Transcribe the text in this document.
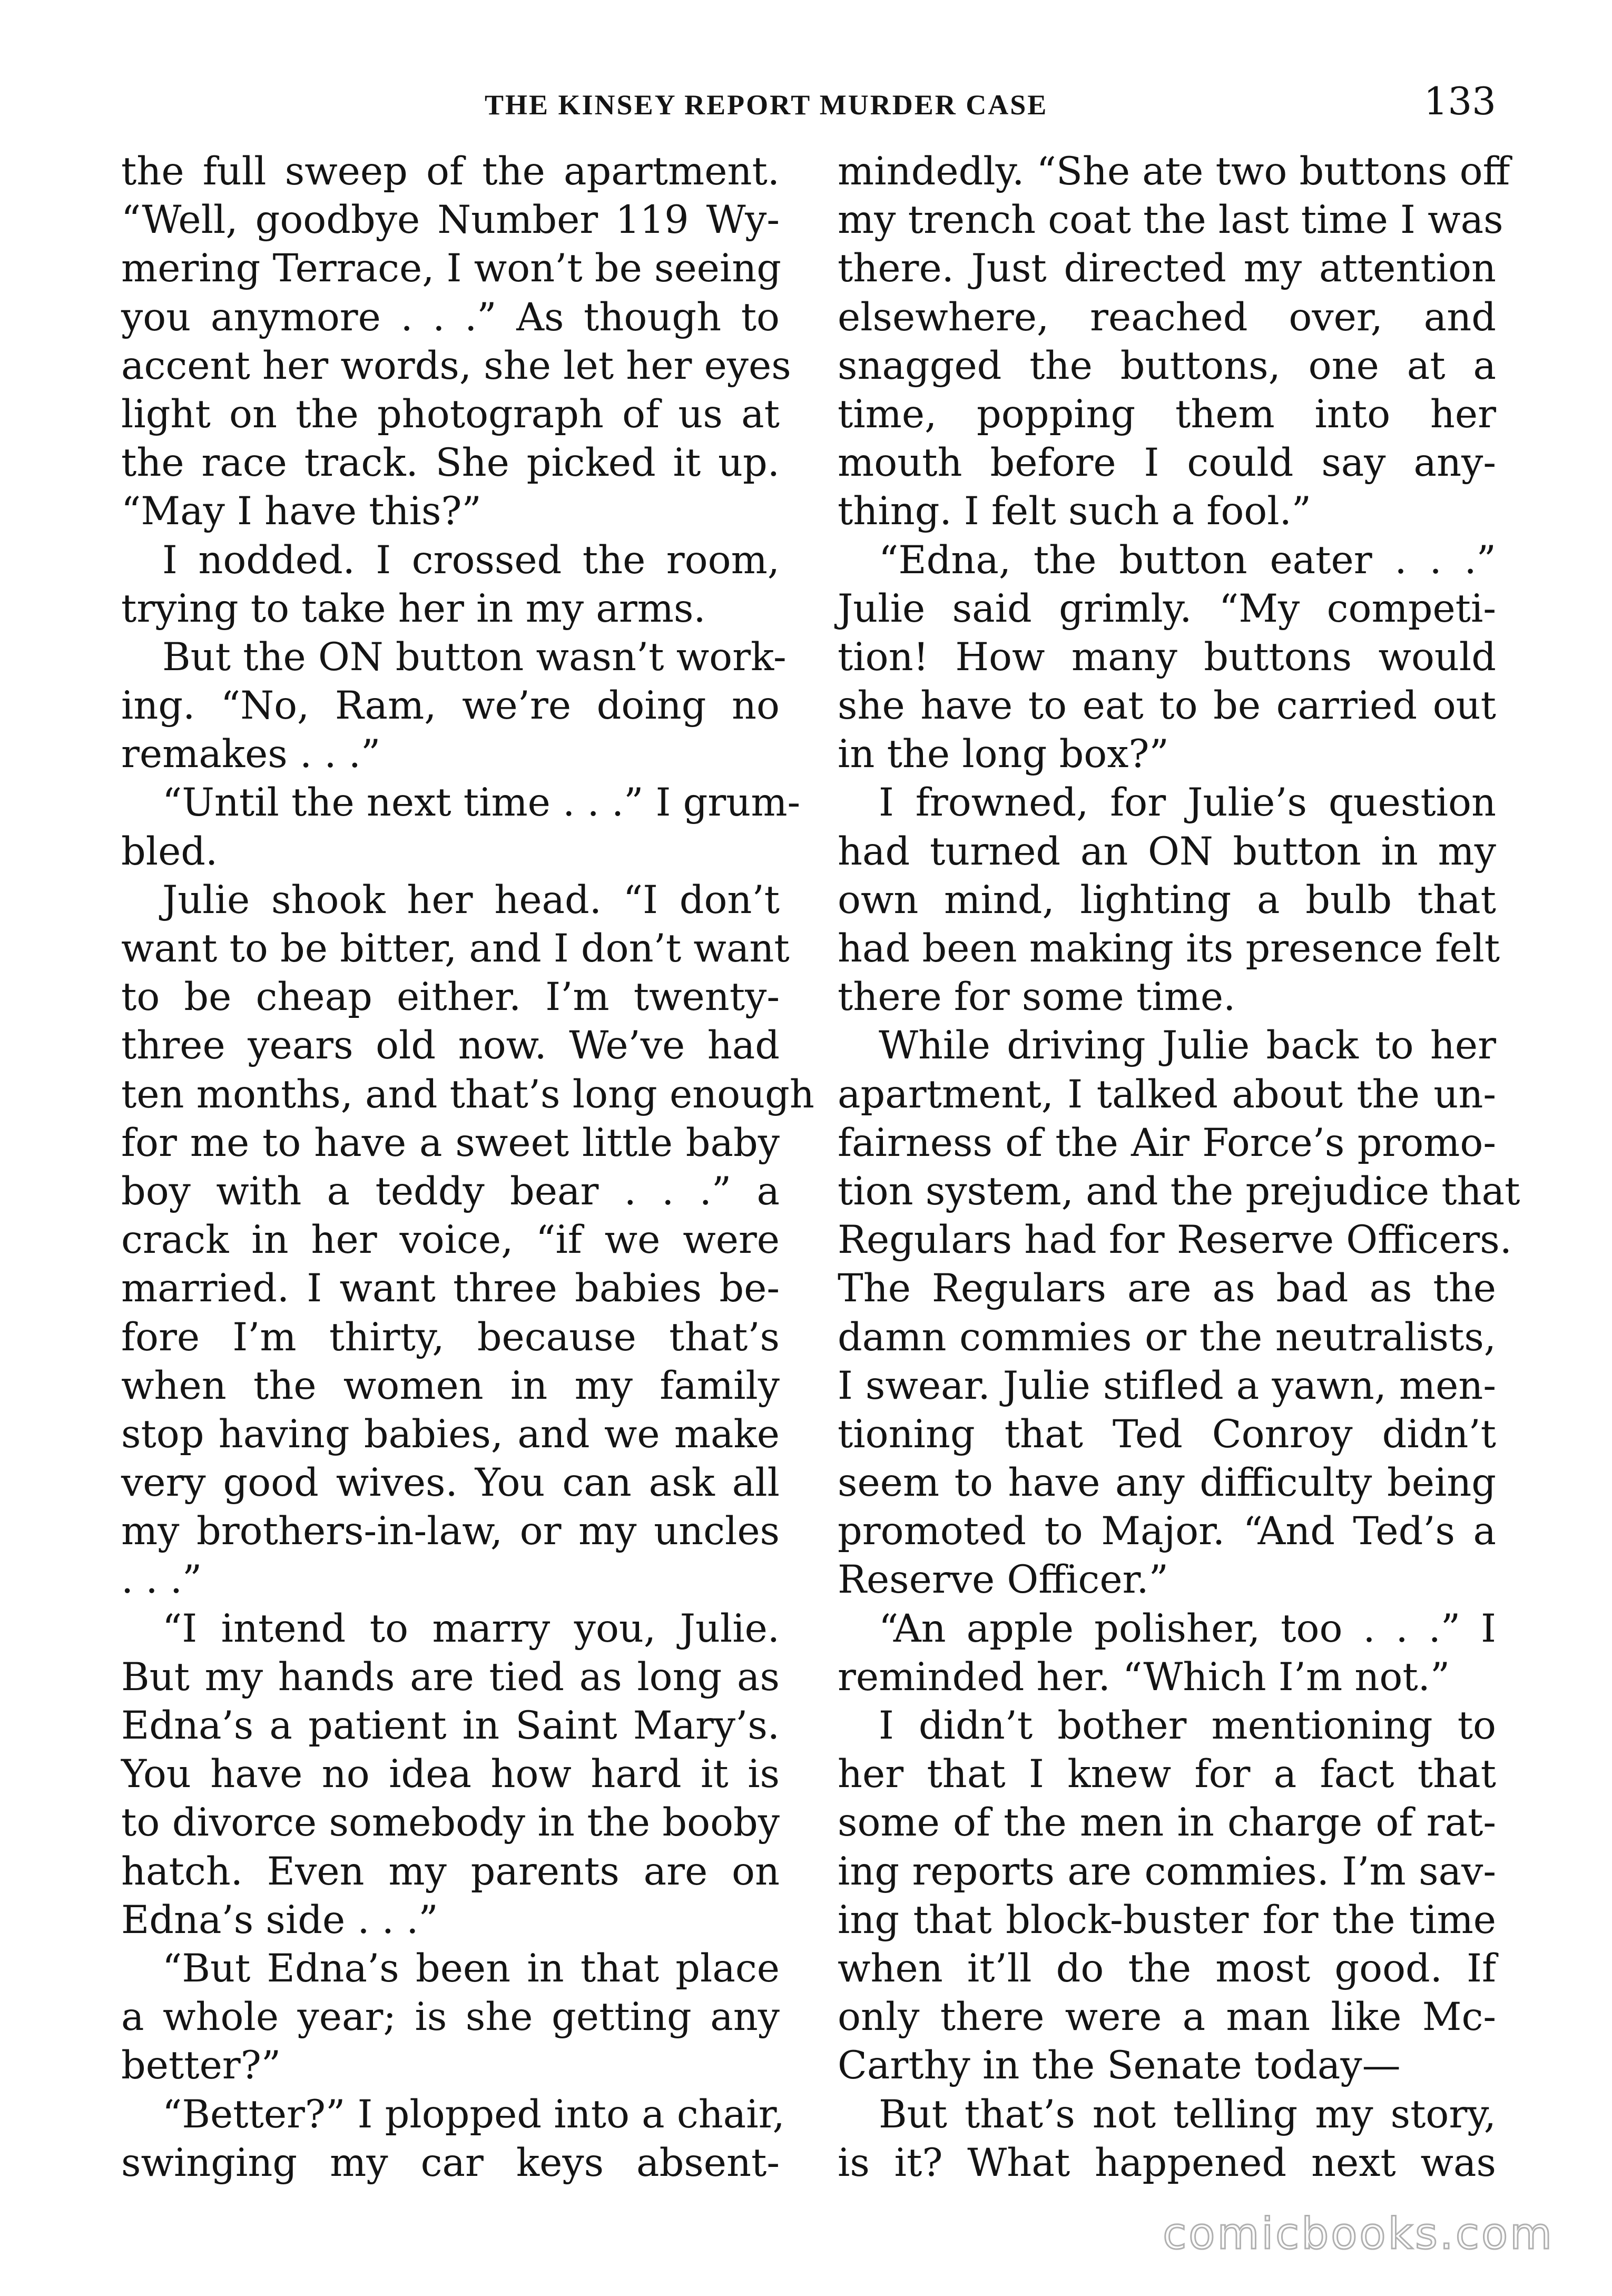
THE KINSEY REPORT MURDER CASE	133
the full sweep of the apartment.
“Well, goodbye Number 119 Wy-
mering Terrace, I won’t be seeing
you anymore . . .” As though to
accent her words, she let her eyes
light on the photograph of us at
the race track. She picked it up.
“May I have this?”
I nodded. I crossed the room,
trying to take her in my arms.
But the ON button wasn’t work-
ing. “No, Ram, we’re doing no
remakes . . .”
“Until the next time . . .” I grum-
bled.
Julie shook her head. “I don’t
want to be bitter, and I don’t want
to be cheap either. I’m twenty-
three years old now. We’ve had
ten months, and that’s long enough
for me to have a sweet little baby
boy with a teddy bear . . .” a
crack in her voice, “if we were
married. I want three babies be-
fore I’m thirty, because that’s
when the women in my family
stop having babies, and we make
very good wives. You can ask all
my brothers-in-law, or my uncles
. . .”
“I intend to marry you, Julie.
But my hands are tied as long as
Edna’s a patient in Saint Mary’s.
You have no idea how hard it is
to divorce somebody in the booby
hatch. Even my parents are on
Edna’s side . . .”
“But Edna’s been in that place
a whole year; is she getting any
better?”
“Better?” I plopped into a chair,
swinging my car keys absent-
mindedly. “She ate two buttons off
my trench coat the last time I was
there. Just directed my attention
elsewhere, reached over, and
snagged the buttons, one at a
time, popping them into her
mouth before I could say any-
thing. I felt such a fool.”
“Edna, the button eater . . .”
Julie said grimly. “My competi-
tion! How many buttons would
she have to eat to be carried out
in the long box?”
I frowned, for Julie’s question
had turned an ON button in my
own mind, lighting a bulb that
had been making its presence felt
there for some time.
While driving Julie back to her
apartment, I talked about the un-
fairness of the Air Force’s promo-
tion system, and the prejudice that
Regulars had for Reserve Officers.
The Regulars are as bad as the
damn commies or the neutralists,
I swear. Julie stifled a yawn, men-
tioning that Ted Conroy didn’t
seem to have any difficulty being
promoted to Major. “And Ted’s a
Reserve Officer.”
“An apple polisher, too . . .” I
reminded her. “Which I’m not.”
I didn’t bother mentioning to
her that I knew for a fact that
some of the men in charge of rat-
ing reports are commies. I’m sav-
ing that block-buster for the time
when it’ll do the most good. If
only there were a man like Mc-
Carthy in the Senate today—
But that’s not telling my story,
is it? What happened next was
comicbooks.com
